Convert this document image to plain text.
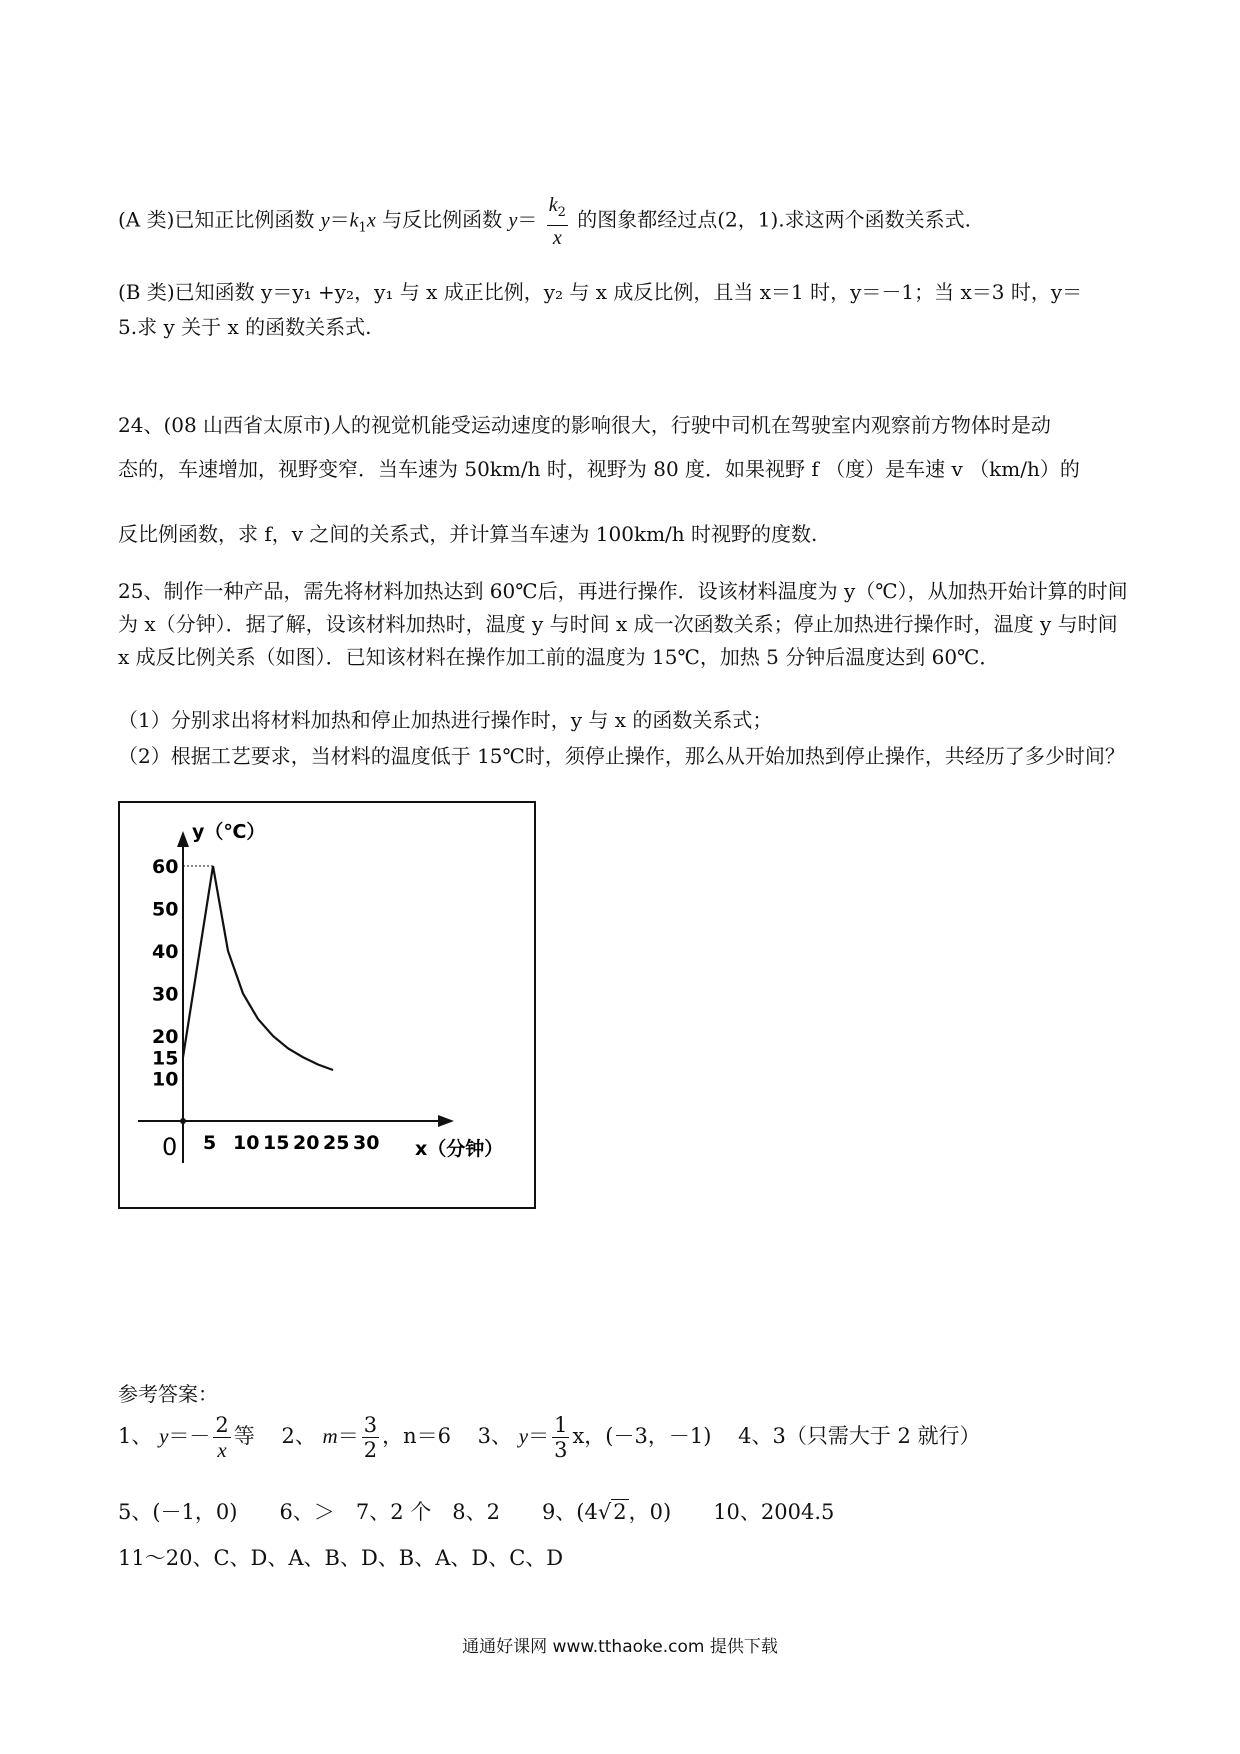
(A 类)已知正比例函数 $y=k_1x$ 与反比例函数 $y= \frac{k_2}{x}$ 的图象都经过点(2，1).求这两个函数关系式.
(B 类)已知函数 y＝y₁ +y₂，y₁ 与 x 成正比例，y₂ 与 x 成反比例，且当 x＝1 时，y＝－1；当 x＝3 时，y＝
5.求 y 关于 x 的函数关系式.
24、(08 山西省太原市)人的视觉机能受运动速度的影响很大，行驶中司机在驾驶室内观察前方物体时是动
态的，车速增加，视野变窄．当车速为 50km/h 时，视野为 80 度．如果视野 f （度）是车速 v （km/h）的
反比例函数，求 f，v 之间的关系式，并计算当车速为 100km/h 时视野的度数.
25、制作一种产品，需先将材料加热达到 60℃后，再进行操作．设该材料温度为 y（℃），从加热开始计算的时间为 x（分钟）．据了解，设该材料加热时，温度 y 与时间 x 成一次函数关系；停止加热进行操作时，温度 y 与时间 x 成反比例关系（如图）．已知该材料在操作加工前的温度为 15℃，加热 5 分钟后温度达到 60℃．
（1）分别求出将材料加热和停止加热进行操作时，y 与 x 的函数关系式；
（2）根据工艺要求，当材料的温度低于 15℃时，须停止操作，那么从开始加热到停止操作，共经历了多少时间？
y（℃）
x（分钟）
0 5 10 15 20 25 30
10
15
20
30
40
50
60
参考答案：
1、 $y=- \frac{2}{x}$ 等 2、 $m= \frac{3}{2}$ ，n＝6 3、 $y= \frac{1}{3}$ x，(－3，－1) 4、3（只需大于 2 就行）
5、(－1，0)　　6、＞　7、2 个　8、2　　9、(4√2，0)　　10、2004.5
11～20、C、D、A、B、D、B、A、D、C、D
通通好课网 www.tthaoke.com 提供下载
